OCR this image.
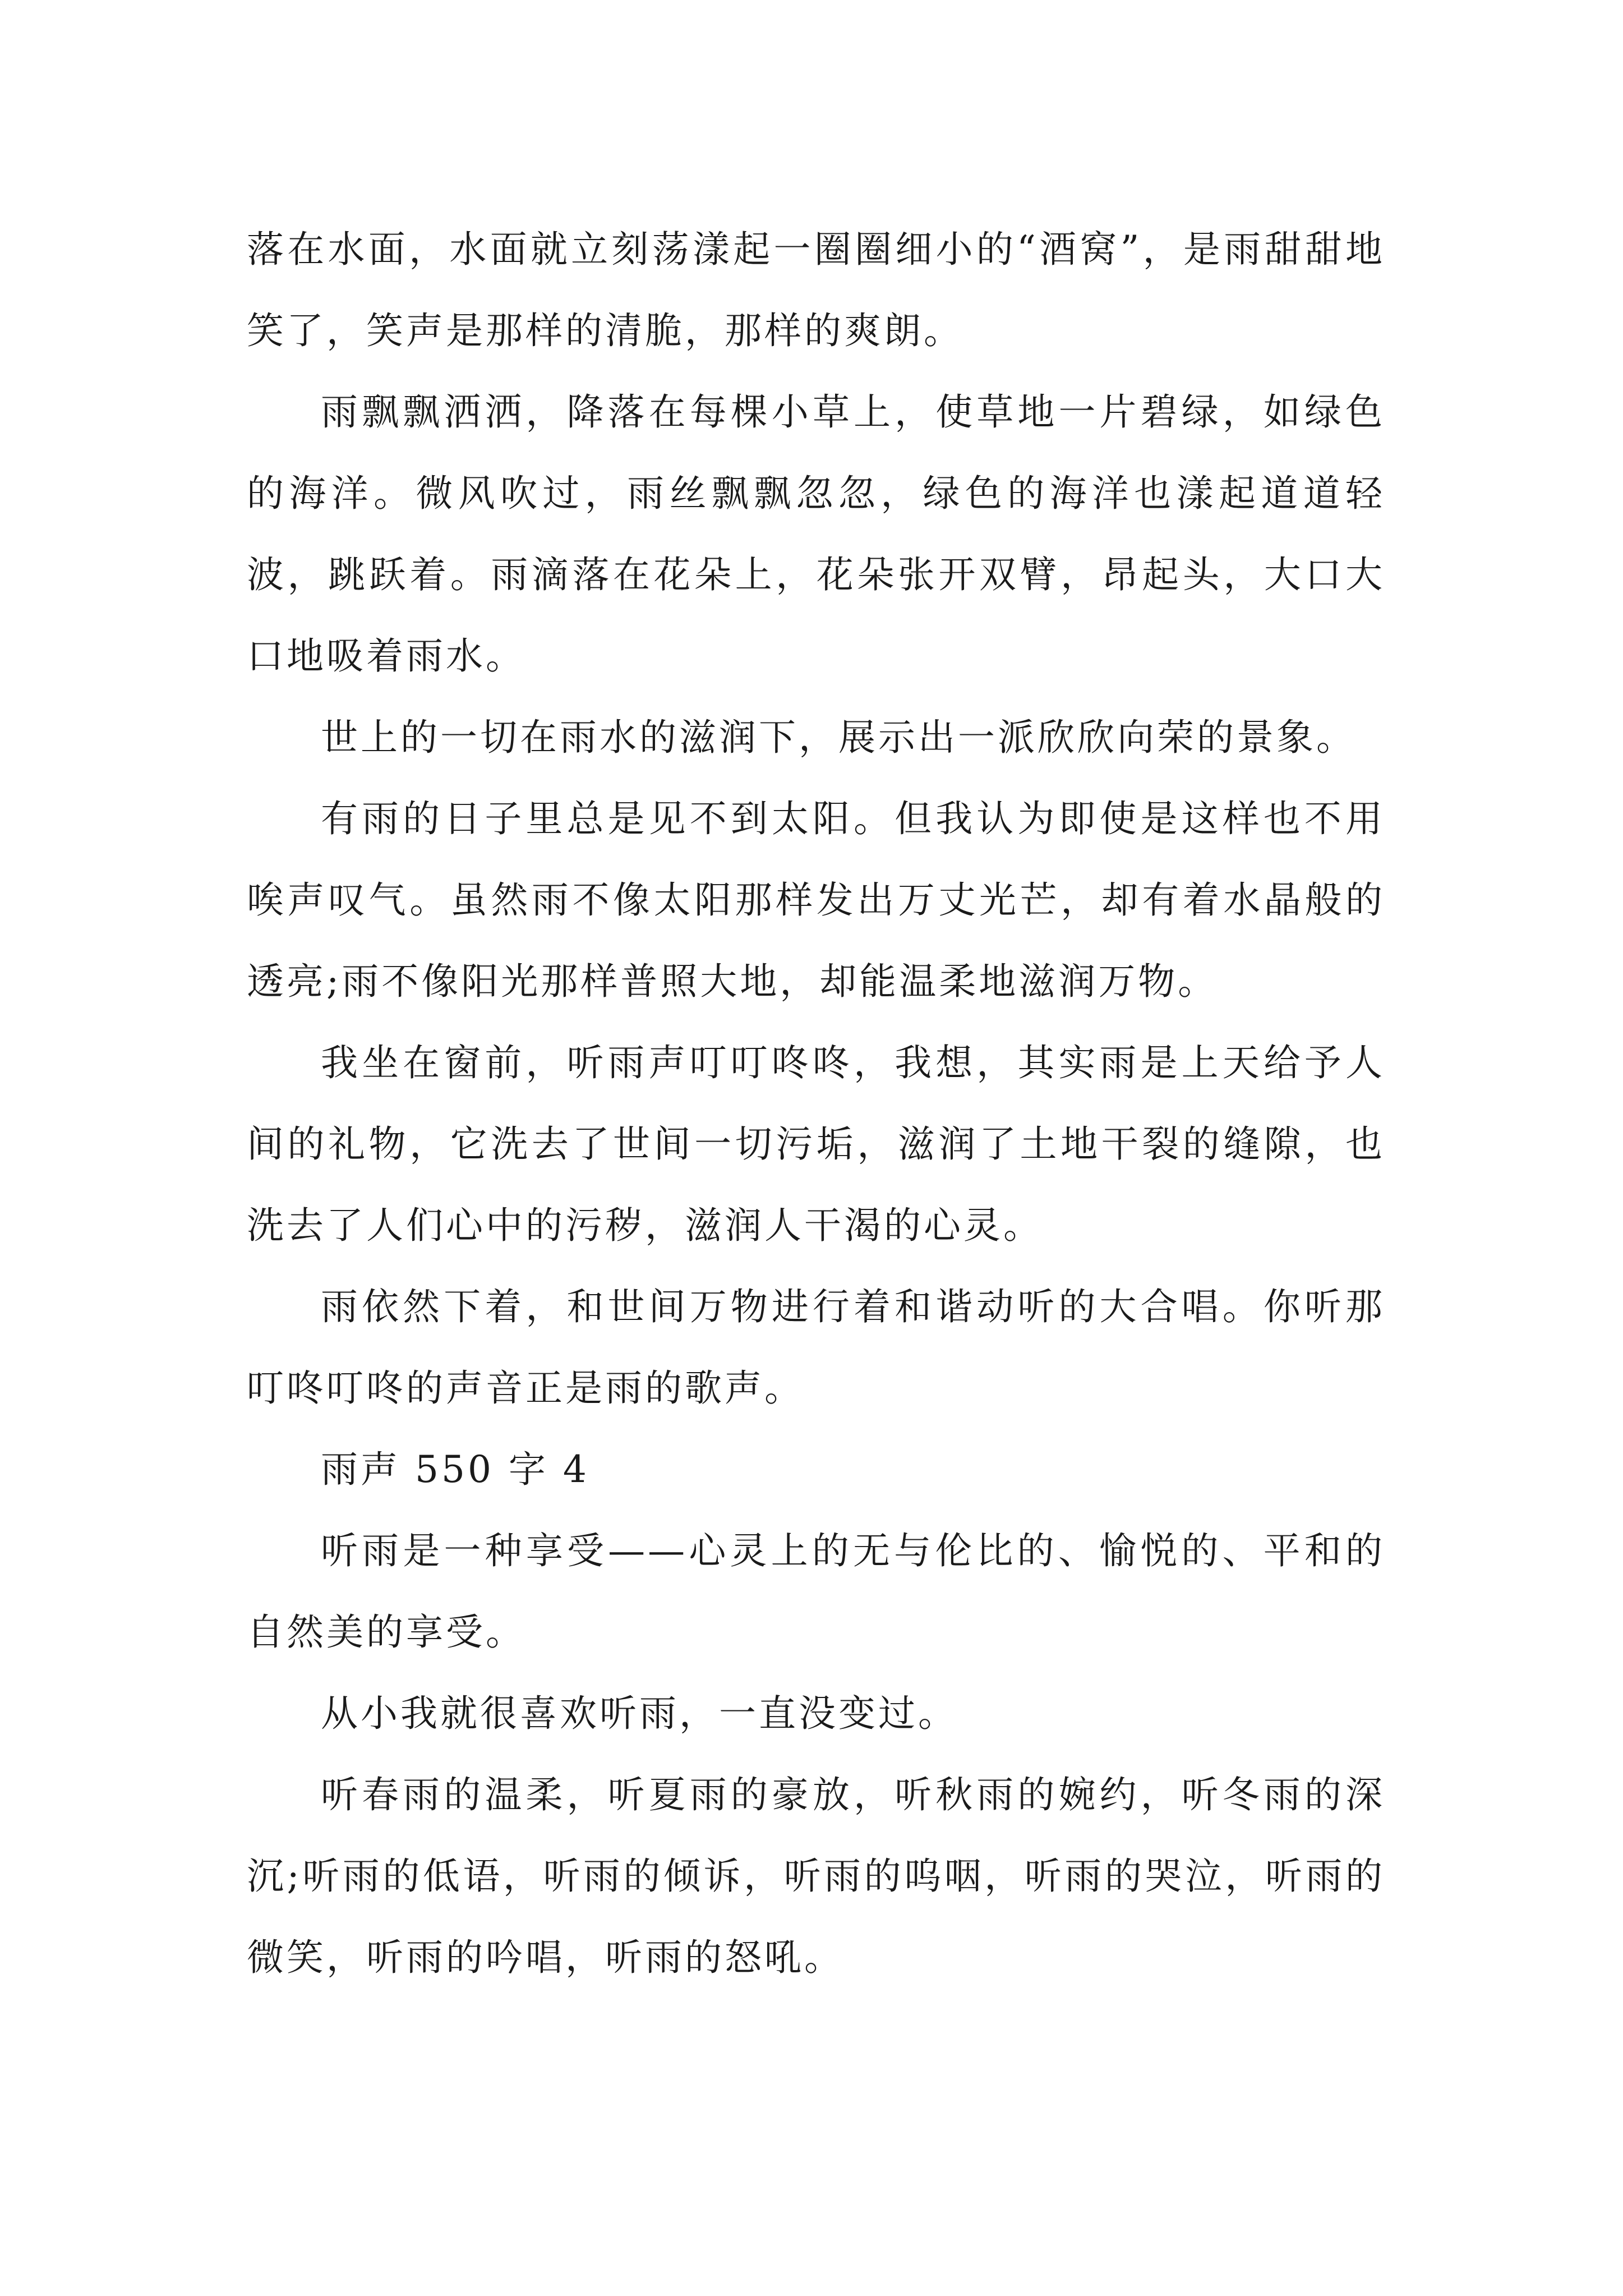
落在水面，水面就立刻荡漾起一圈圈细小的“酒窝”，是雨甜甜地笑了，笑声是那样的清脆，那样的爽朗。

雨飘飘洒洒，降落在每棵小草上，使草地一片碧绿，如绿色的海洋。微风吹过，雨丝飘飘忽忽，绿色的海洋也漾起道道轻波，跳跃着。雨滴落在花朵上，花朵张开双臂，昂起头，大口大口地吸着雨水。

世上的一切在雨水的滋润下，展示出一派欣欣向荣的景象。

有雨的日子里总是见不到太阳。但我认为即使是这样也不用唉声叹气。虽然雨不像太阳那样发出万丈光芒，却有着水晶般的透亮;雨不像阳光那样普照大地，却能温柔地滋润万物。

我坐在窗前，听雨声叮叮咚咚，我想，其实雨是上天给予人间的礼物，它洗去了世间一切污垢，滋润了土地干裂的缝隙，也洗去了人们心中的污秽，滋润人干渴的心灵。

雨依然下着，和世间万物进行着和谐动听的大合唱。你听那叮咚叮咚的声音正是雨的歌声。

雨声 550 字 4

听雨是一种享受——心灵上的无与伦比的、愉悦的、平和的自然美的享受。

从小我就很喜欢听雨，一直没变过。

听春雨的温柔，听夏雨的豪放，听秋雨的婉约，听冬雨的深沉;听雨的低语，听雨的倾诉，听雨的呜咽，听雨的哭泣，听雨的微笑，听雨的吟唱，听雨的怒吼。
